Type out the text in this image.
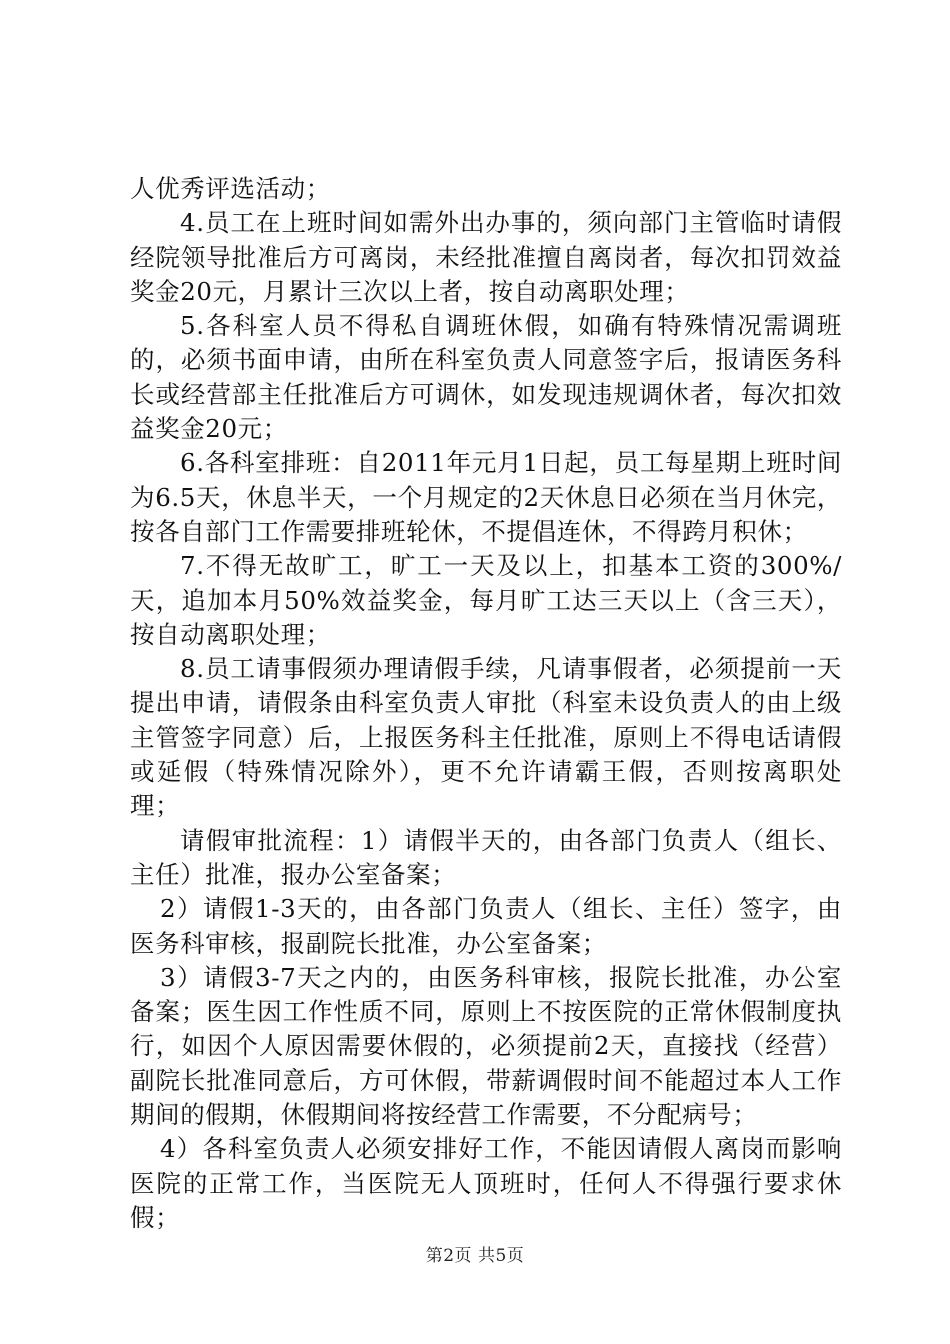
人优秀评选活动；

4.员工在上班时间如需外出办事的，须向部门主管临时请假经院领导批准后方可离岗，未经批准擅自离岗者，每次扣罚效益奖金20元，月累计三次以上者，按自动离职处理；

5.各科室人员不得私自调班休假，如确有特殊情况需调班的，必须书面申请，由所在科室负责人同意签字后，报请医务科长或经营部主任批准后方可调休，如发现违规调休者，每次扣效益奖金20元；

6.各科室排班：自2011年元月1日起，员工每星期上班时间为6.5天，休息半天，一个月规定的2天休息日必须在当月休完，按各自部门工作需要排班轮休，不提倡连休，不得跨月积休；

7.不得无故旷工，旷工一天及以上，扣基本工资的300%/天，追加本月50%效益奖金，每月旷工达三天以上（含三天），按自动离职处理；

8.员工请事假须办理请假手续，凡请事假者，必须提前一天提出申请，请假条由科室负责人审批（科室未设负责人的由上级主管签字同意）后，上报医务科主任批准，原则上不得电话请假或延假（特殊情况除外），更不允许请霸王假，否则按离职处理；

请假审批流程：1）请假半天的，由各部门负责人（组长、主任）批准，报办公室备案；

2）请假1-3天的，由各部门负责人（组长、主任）签字，由医务科审核，报副院长批准，办公室备案；

3）请假3-7天之内的，由医务科审核，报院长批准，办公室备案；医生因工作性质不同，原则上不按医院的正常休假制度执行，如因个人原因需要休假的，必须提前2天，直接找（经营）副院长批准同意后，方可休假，带薪调假时间不能超过本人工作期间的假期，休假期间将按经营工作需要，不分配病号；

4）各科室负责人必须安排好工作，不能因请假人离岗而影响医院的正常工作，当医院无人顶班时，任何人不得强行要求休假；

第2页 共5页
